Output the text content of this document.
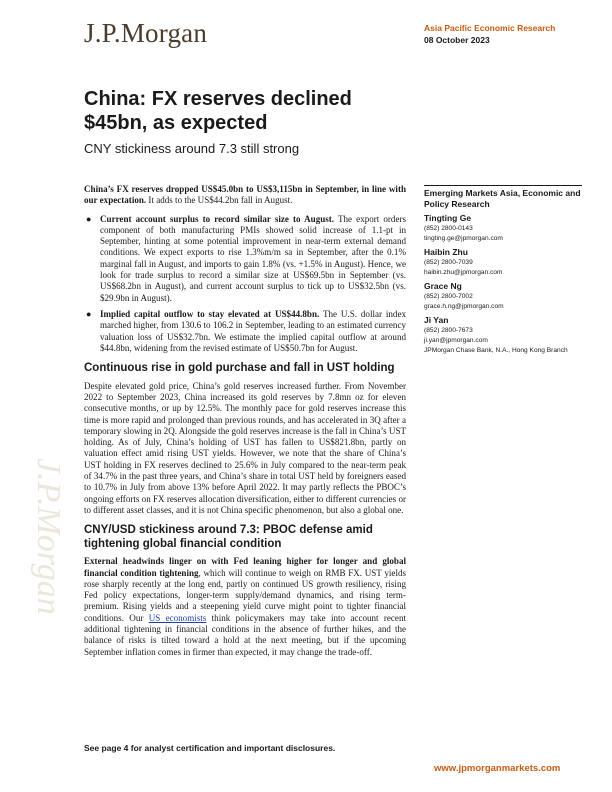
J.P.Morgan	Asia Pacific Economic Research
08 October 2023
J.P.Morgan
China: FX reserves declined
$45bn, as expected
CNY stickiness around 7.3 still strong

China’s FX reserves dropped US$45.0bn to US$3,115bn in September, in line with our expectation. It adds to the US$44.2bn fall in August.

● Current account surplus to record similar size to August. The export orders component of both manufacturing PMIs showed solid increase of 1.1-pt in September, hinting at some potential improvement in near-term external demand conditions. We expect exports to rise 1.3%m/m sa in September, after the 0.1% marginal fall in August, and imports to gain 1.8% (vs. +1.5% in August). Hence, we look for trade surplus to record a similar size at US$69.5bn in September (vs. US$68.2bn in August), and current account surplus to tick up to US$32.5bn (vs. $29.9bn in August).
● Implied capital outflow to stay elevated at US$44.8bn. The U.S. dollar index marched higher, from 130.6 to 106.2 in September, leading to an estimated currency valuation loss of US$32.7bn. We estimate the implied capital outflow at around $44.8bn, widening from the revised estimate of US$50.7bn for August.
Continuous rise in gold purchase and fall in UST holding

Despite elevated gold price, China’s gold reserves increased further. From November 2022 to September 2023, China increased its gold reserves by 7.8mn oz for eleven consecutive months, or up by 12.5%. The monthly pace for gold reserves increase this time is more rapid and prolonged than previous rounds, and has accelerated in 3Q after a temporary slowing in 2Q. Alongside the gold reserves increase is the fall in China’s UST holding. As of July, China’s holding of UST has fallen to US$821.8bn, partly on valuation effect amid rising UST yields. However, we note that the share of China’s UST holding in FX reserves declined to 25.6% in July compared to the near-term peak of 34.7% in the past three years, and China’s share in total UST held by foreigners eased to 10.7% in July from above 13% before April 2022. It may partly reflects the PBOC’s ongoing efforts on FX reserves allocation diversification, either to different currencies or to different asset classes, and it is not China specific phenomenon, but also a global one.

CNY/USD stickiness around 7.3: PBOC defense amid tightening global financial condition

External headwinds linger on with Fed leaning higher for longer and global financial condition tightening, which will continue to weigh on RMB FX. UST yields rose sharply recently at the long end, partly on continued US growth resiliency, rising Fed policy expectations, longer-term supply/demand dynamics, and rising term-premium. Rising yields and a steepening yield curve might point to tighter financial conditions. Our US economists think policymakers may take into account recent additional tightening in financial conditions in the absence of further hikes, and the balance of risks is tilted toward a hold at the next meeting, but if the upcoming September inflation comes in firmer than expected, it may change the trade-off.

Emerging Markets Asia, Economic and Policy Research
Tingting Ge
(852) 2800-0143
tingting.ge@jpmorgan.com
Haibin Zhu
(852) 2800-7039
haibin.zhu@jpmorgan.com
Grace Ng
(852) 2800-7002
grace.h.ng@jpmorgan.com
Ji Yan
(852) 2800-7673
ji.yan@jpmorgan.com
JPMorgan Chase Bank, N.A., Hong Kong Branch
See page 4 for analyst certification and important disclosures.
www.jpmorganmarkets.com
